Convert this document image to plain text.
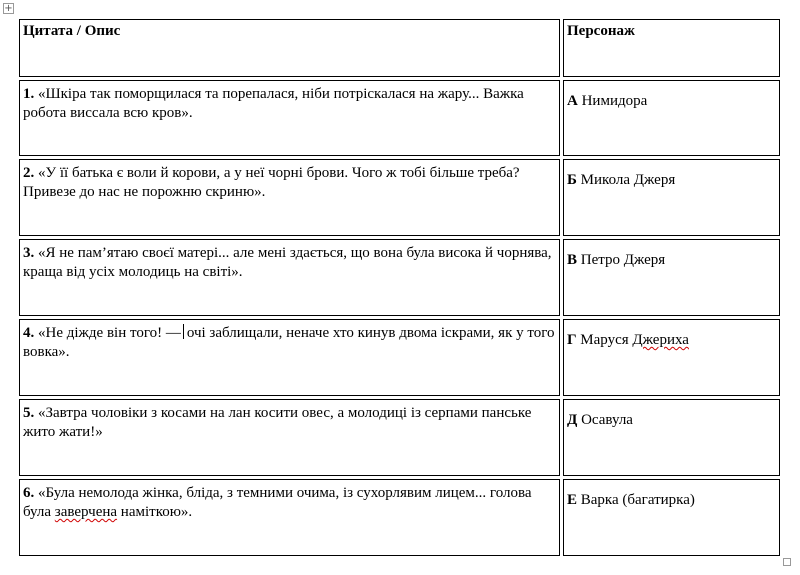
+
Цитата / Опис	Персонаж
1. «Шкіра так поморщилася та порепалася, ніби потріскалася на жару... Важка робота виссала всю кров».
А Нимидора
2. «У її батька є воли й корови, а у неї чорні брови. Чого ж тобі більше треба? Привезе до нас не порожню скриню».
Б Микола Джеря
3. «Я не пам’ятаю своєї матері... але мені здається, що вона була висока й чорнява, краща від усіх молодиць на світі».
В Петро Джеря
4. «Не діжде він того! — очі заблищали, неначе хто кинув двома іскрами, як у того вовка».
Г Маруся Джериха
5. «Завтра чоловіки з косами на лан косити овес, а молодиці із серпами панське жито жати!»
Д Осавула
6. «Була немолода жінка, бліда, з темними очима, із сухорлявим лицем... голова була заверчена наміткою».
Е Варка (багатирка)
